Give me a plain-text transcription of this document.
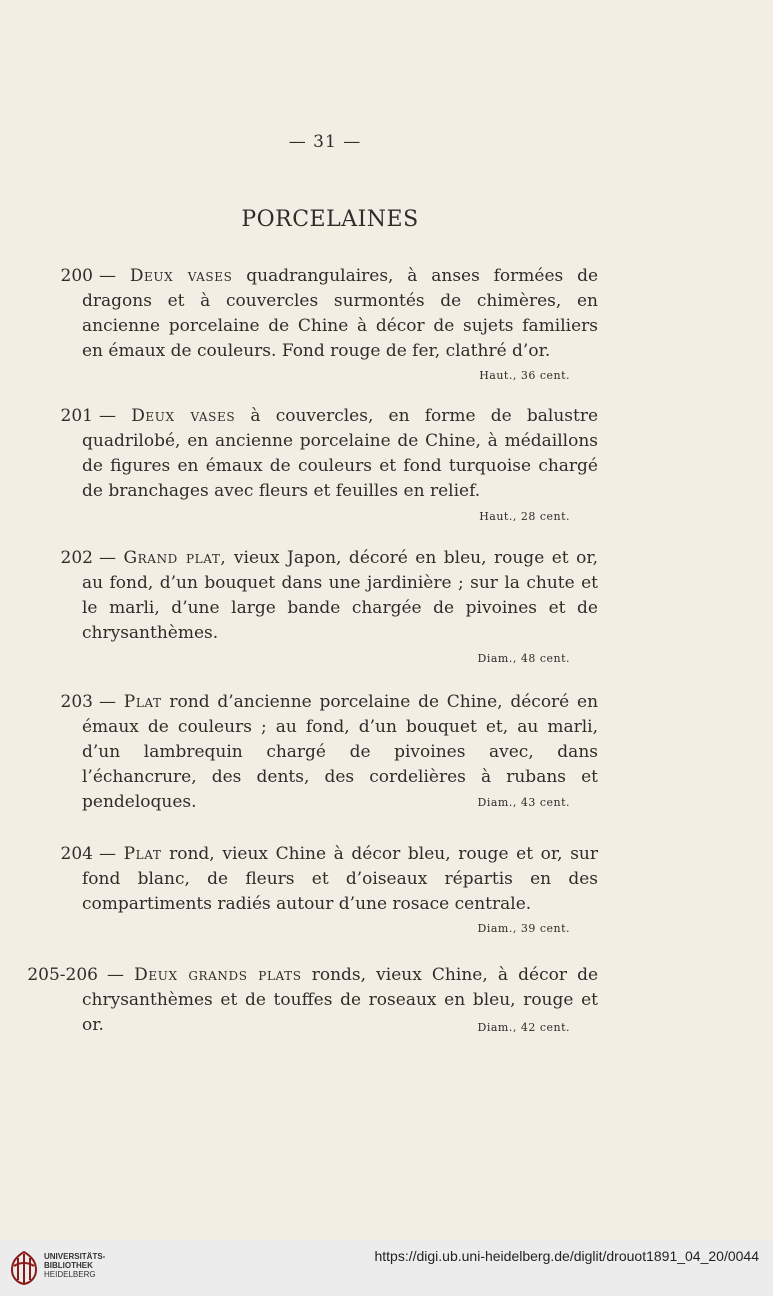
— 31 —
PORCELAINES
200 — Deux vases quadrangulaires, à anses formées de dragons et à couvercles surmontés de chimères, en ancienne porcelaine de Chine à décor de sujets familiers en émaux de couleurs. Fond rouge de fer, clathré d’or.
Haut., 36 cent.
201 — Deux vases à couvercles, en forme de balustre quadrilobé, en ancienne porcelaine de Chine, à médaillons de figures en émaux de couleurs et fond turquoise chargé de branchages avec fleurs et feuilles en relief.
Haut., 28 cent.
202 — Grand plat, vieux Japon, décoré en bleu, rouge et or, au fond, d’un bouquet dans une jardinière ; sur la chute et le marli, d’une large bande chargée de pivoines et de chrysanthèmes.
Diam., 48 cent.
203 — Plat rond d’ancienne porcelaine de Chine, décoré en émaux de couleurs ; au fond, d’un bouquet et, au marli, d’un lambrequin chargé de pivoines avec, dans l’échancrure, des dents, des cordelières à rubans et pendeloques.	Diam., 43 cent.
204 — Plat rond, vieux Chine à décor bleu, rouge et or, sur fond blanc, de fleurs et d’oiseaux répartis en des compartiments radiés autour d’une rosace centrale.
Diam., 39 cent.
205-206 — Deux grands plats ronds, vieux Chine, à décor de chrysanthèmes et de touffes de roseaux en bleu, rouge et or.	Diam., 42 cent.
UNIVERSITÄTS-
BIBLIOTHEK
HEIDELBERG
https://digi.ub.uni-heidelberg.de/diglit/drouot1891_04_20/0044
